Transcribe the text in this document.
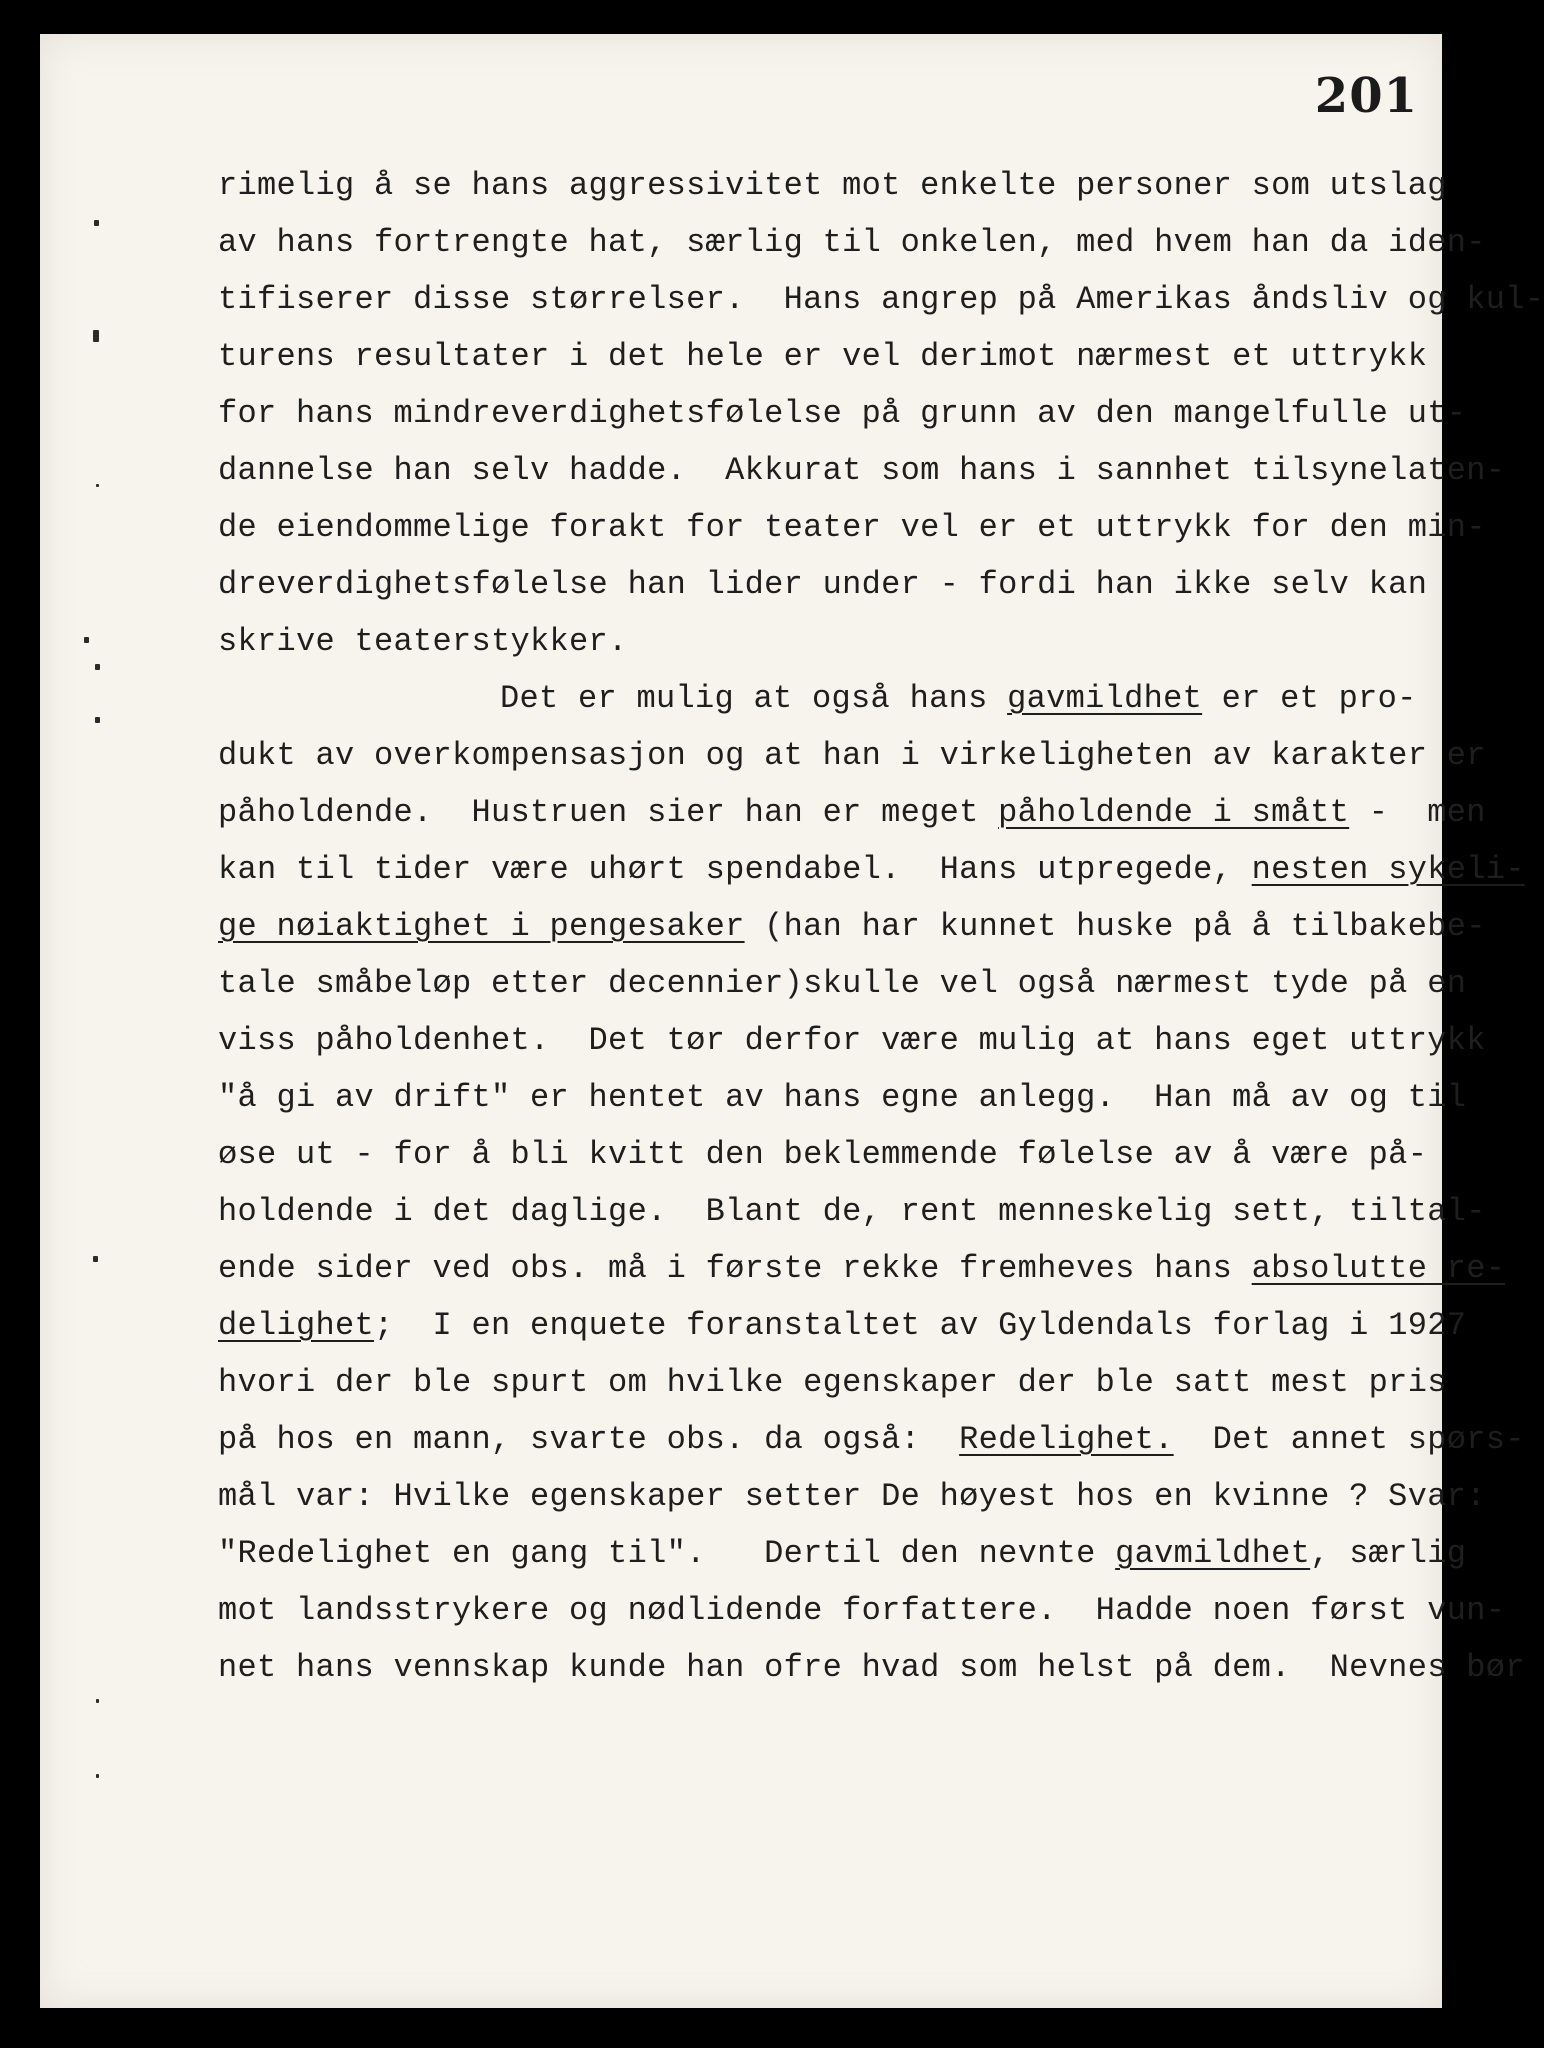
201
rimelig å se hans aggressivitet mot enkelte personer som utslag
av hans fortrengte hat, særlig til onkelen, med hvem han da iden-
tifiserer disse størrelser.  Hans angrep på Amerikas åndsliv og kul-
turens resultater i det hele er vel derimot nærmest et uttrykk
for hans mindreverdighetsfølelse på grunn av den mangelfulle ut-
dannelse han selv hadde.  Akkurat som hans i sannhet tilsynelaten-
de eiendommelige forakt for teater vel er et uttrykk for den min-
dreverdighetsfølelse han lider under - fordi han ikke selv kan
skrive teaterstykker.
Det er mulig at også hans gavmildhet er et pro-
dukt av overkompensasjon og at han i virkeligheten av karakter er
påholdende.  Hustruen sier han er meget påholdende i smått -  men
kan til tider være uhørt spendabel.  Hans utpregede, nesten sykeli-
ge nøiaktighet i pengesaker (han har kunnet huske på å tilbakebe-
tale småbeløp etter decennier)skulle vel også nærmest tyde på en
viss påholdenhet.  Det tør derfor være mulig at hans eget uttrykk
"å gi av drift" er hentet av hans egne anlegg.  Han må av og til
øse ut - for å bli kvitt den beklemmende følelse av å være på-
holdende i det daglige.  Blant de, rent menneskelig sett, tiltal-
ende sider ved obs. må i første rekke fremheves hans absolutte re-
delighet;  I en enquete foranstaltet av Gyldendals forlag i 1927
hvori der ble spurt om hvilke egenskaper der ble satt mest pris
på hos en mann, svarte obs. da også:  Redelighet.  Det annet spørs-
mål var: Hvilke egenskaper setter De høyest hos en kvinne ? Svar:
"Redelighet en gang til".   Dertil den nevnte gavmildhet, særlig
mot landsstrykere og nødlidende forfattere.  Hadde noen først vun-
net hans vennskap kunde han ofre hvad som helst på dem.  Nevnes bør
